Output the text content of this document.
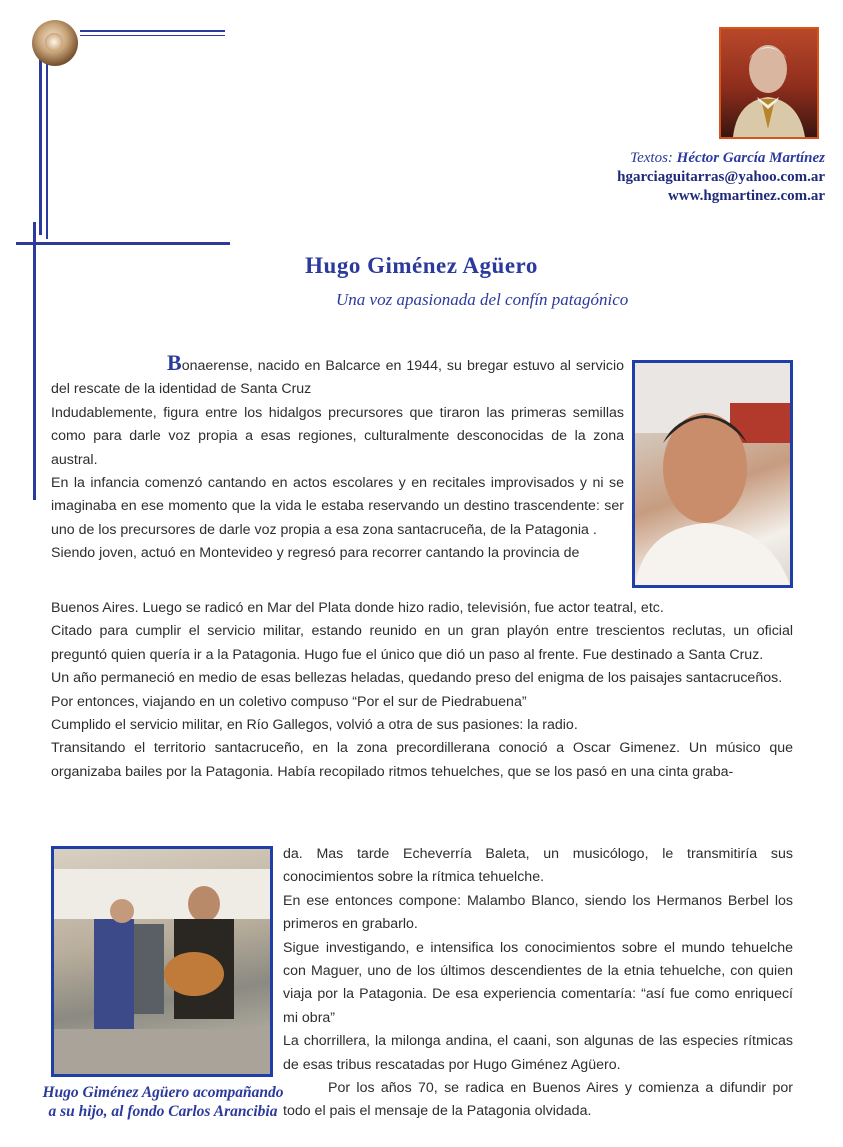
Textos: Héctor García Martínez
hgarciaguitarras@yahoo.com.ar
www.hgmartinez.com.ar
Hugo Giménez Agüero
Una voz apasionada del confín patagónico

Bonaerense, nacido en Balcarce en 1944, su bregar estuvo al servicio del rescate de la identidad de Santa Cruz

Indudablemente, figura entre los hidalgos precursores que tiraron las primeras semillas como para darle voz propia a esas regiones, culturalmente desconocidas de la zona austral.

En la infancia comenzó cantando en actos escolares y en recitales improvisados y ni se imaginaba en ese momento que la vida le estaba reservando un destino trascendente: ser uno de los precursores de darle voz propia a esa zona santacruceña, de la Patagonia .

Siendo joven, actuó en Montevideo y regresó para recorrer cantando la provincia de

Buenos Aires. Luego se radicó en Mar del Plata donde hizo radio, televisión, fue actor teatral, etc.

Citado para cumplir el servicio militar, estando reunido en un gran playón entre trescientos reclutas, un oficial preguntó quien quería ir a la Patagonia. Hugo fue el único que dió un paso al frente. Fue destinado a Santa Cruz.

Un año permaneció en medio de esas bellezas heladas, quedando preso del enigma de los paisajes santacruceños.

Por entonces, viajando en un coletivo compuso “Por el sur de Piedrabuena”

Cumplido el servicio militar, en Río Gallegos, volvió a otra de sus pasiones: la radio.

Transitando el territorio santacruceño, en la zona precordillerana conoció a Oscar Gimenez. Un músico que organizaba bailes por la Patagonia. Había recopilado ritmos tehuelches, que se los pasó en una cinta graba-

da. Mas tarde Echeverría Baleta, un musicólogo, le transmitiría sus conocimientos sobre la rítmica tehuelche.

En ese entonces compone: Malambo Blanco, siendo los Hermanos Berbel los primeros en grabarlo.

Sigue investigando, e intensifica los conocimientos sobre el mundo tehuelche con Maguer, uno de los últimos descendientes de la etnia tehuelche, con quien viaja por la Patagonia. De esa experiencia comentaría: “así fue como enriquecí mi obra”

La chorrillera, la milonga andina, el caani, son algunas de las especies rítmicas de esas tribus rescatadas por Hugo Giménez Agüero.

Por los años 70, se radica en Buenos Aires y comienza a difundir por todo el pais el mensaje de la Patagonia olvidada.

Hugo Giménez Agüero acompañando a su hijo, al fondo Carlos Arancibia
